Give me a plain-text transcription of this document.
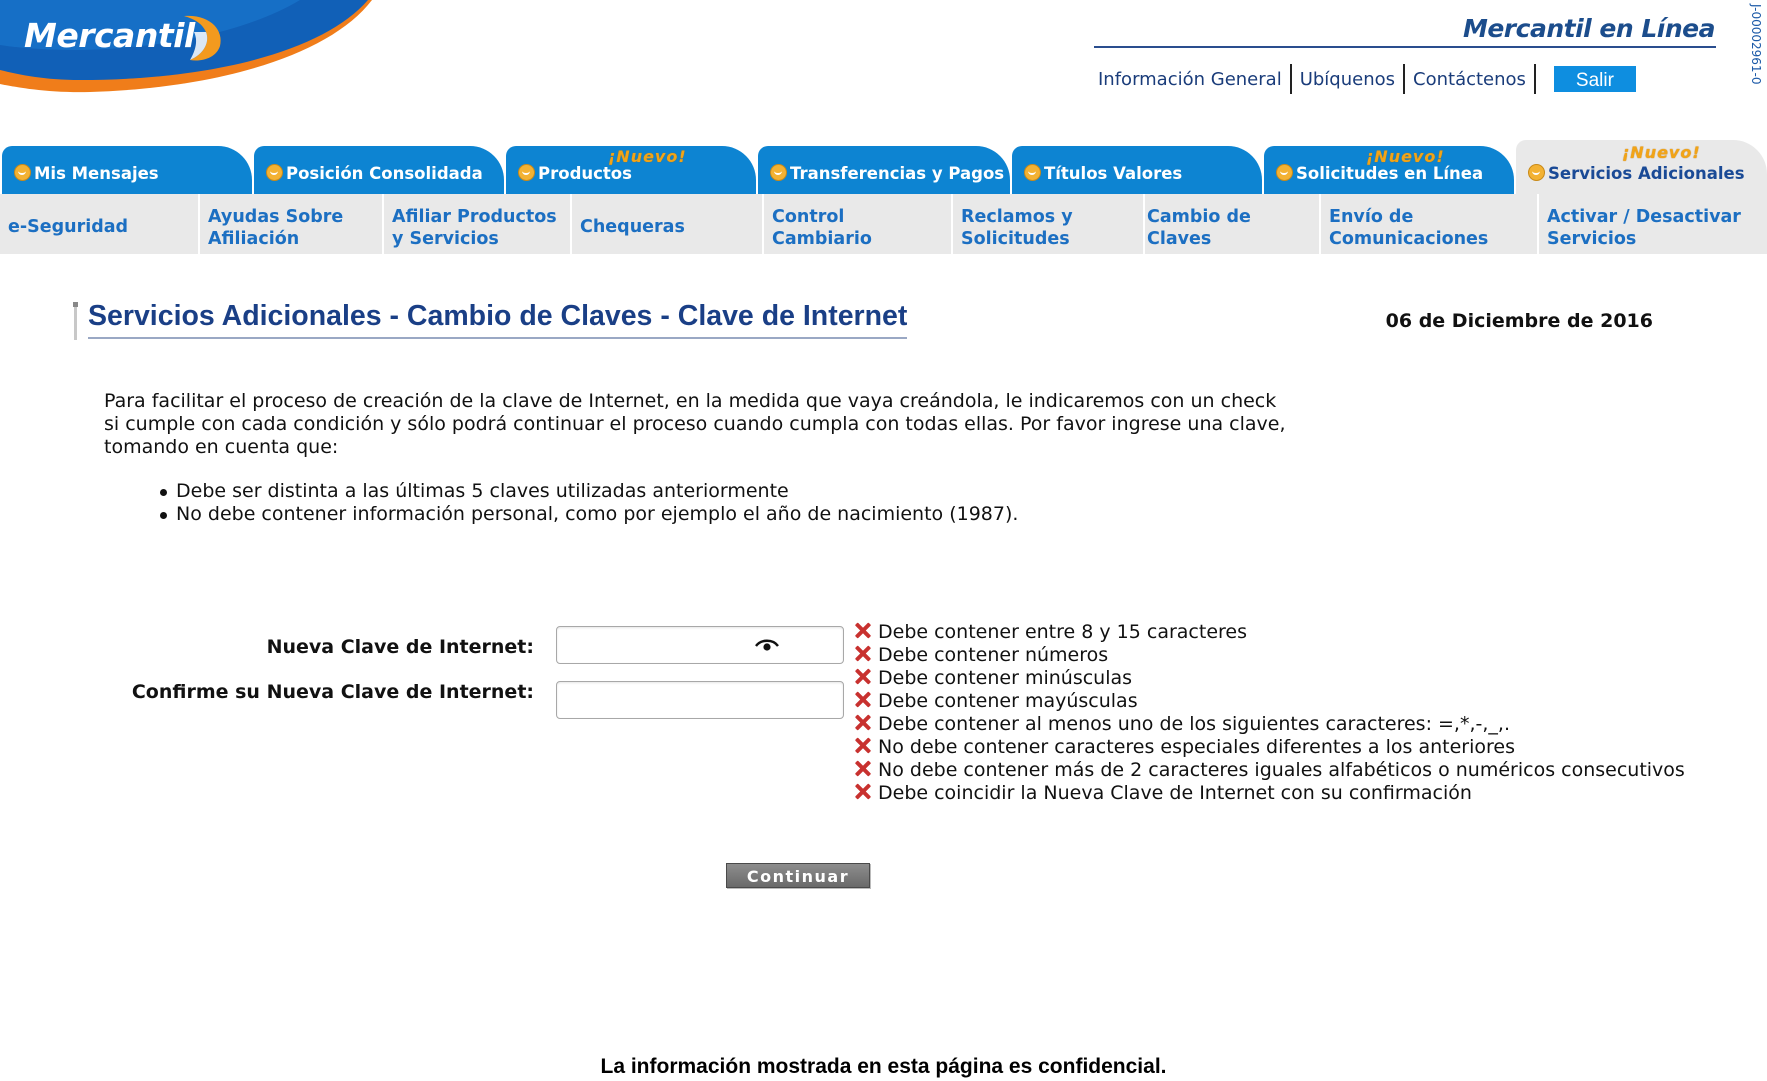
Mercantil	Mercantil en Línea
Información General	Ubíquenos	Contáctenos	Salir	J-00002961-0
Mis Mensajes	Posición Consolidada
¡Nuevo!
Productos	Transferencias y Pagos	Títulos Valores
¡Nuevo!
Solicitudes en Línea
¡Nuevo!
Servicios Adicionales
e-Seguridad	Ayudas Sobre
Afiliación
Afiliar Productos
y Servicios
Chequeras	Control
Cambiario
Reclamos y
Solicitudes
Cambio de
Claves
Envío de
Comunicaciones
Activar / Desactivar
Servicios
Servicios Adicionales - Cambio de Claves - Clave de Internet	06 de Diciembre de 2016
Para facilitar el proceso de creación de la clave de Internet, en la medida que vaya creándola, le indicaremos con un check
si cumple con cada condición y sólo podrá continuar el proceso cuando cumpla con todas ellas. Por favor ingrese una clave,
tomando en cuenta que:
Debe ser distinta a las últimas 5 claves utilizadas anteriormente
No debe contener información personal, como por ejemplo el año de nacimiento (1987).
Nueva Clave de Internet:
Confirme su Nueva Clave de Internet:
Debe contener entre 8 y 15 caracteres
Debe contener números
Debe contener minúsculas
Debe contener mayúsculas
Debe contener al menos uno de los siguientes caracteres: =,*,-,_,.
No debe contener caracteres especiales diferentes a los anteriores
No debe contener más de 2 caracteres iguales alfabéticos o numéricos consecutivos
Debe coincidir la Nueva Clave de Internet con su confirmación
Continuar
La información mostrada en esta página es confidencial.
